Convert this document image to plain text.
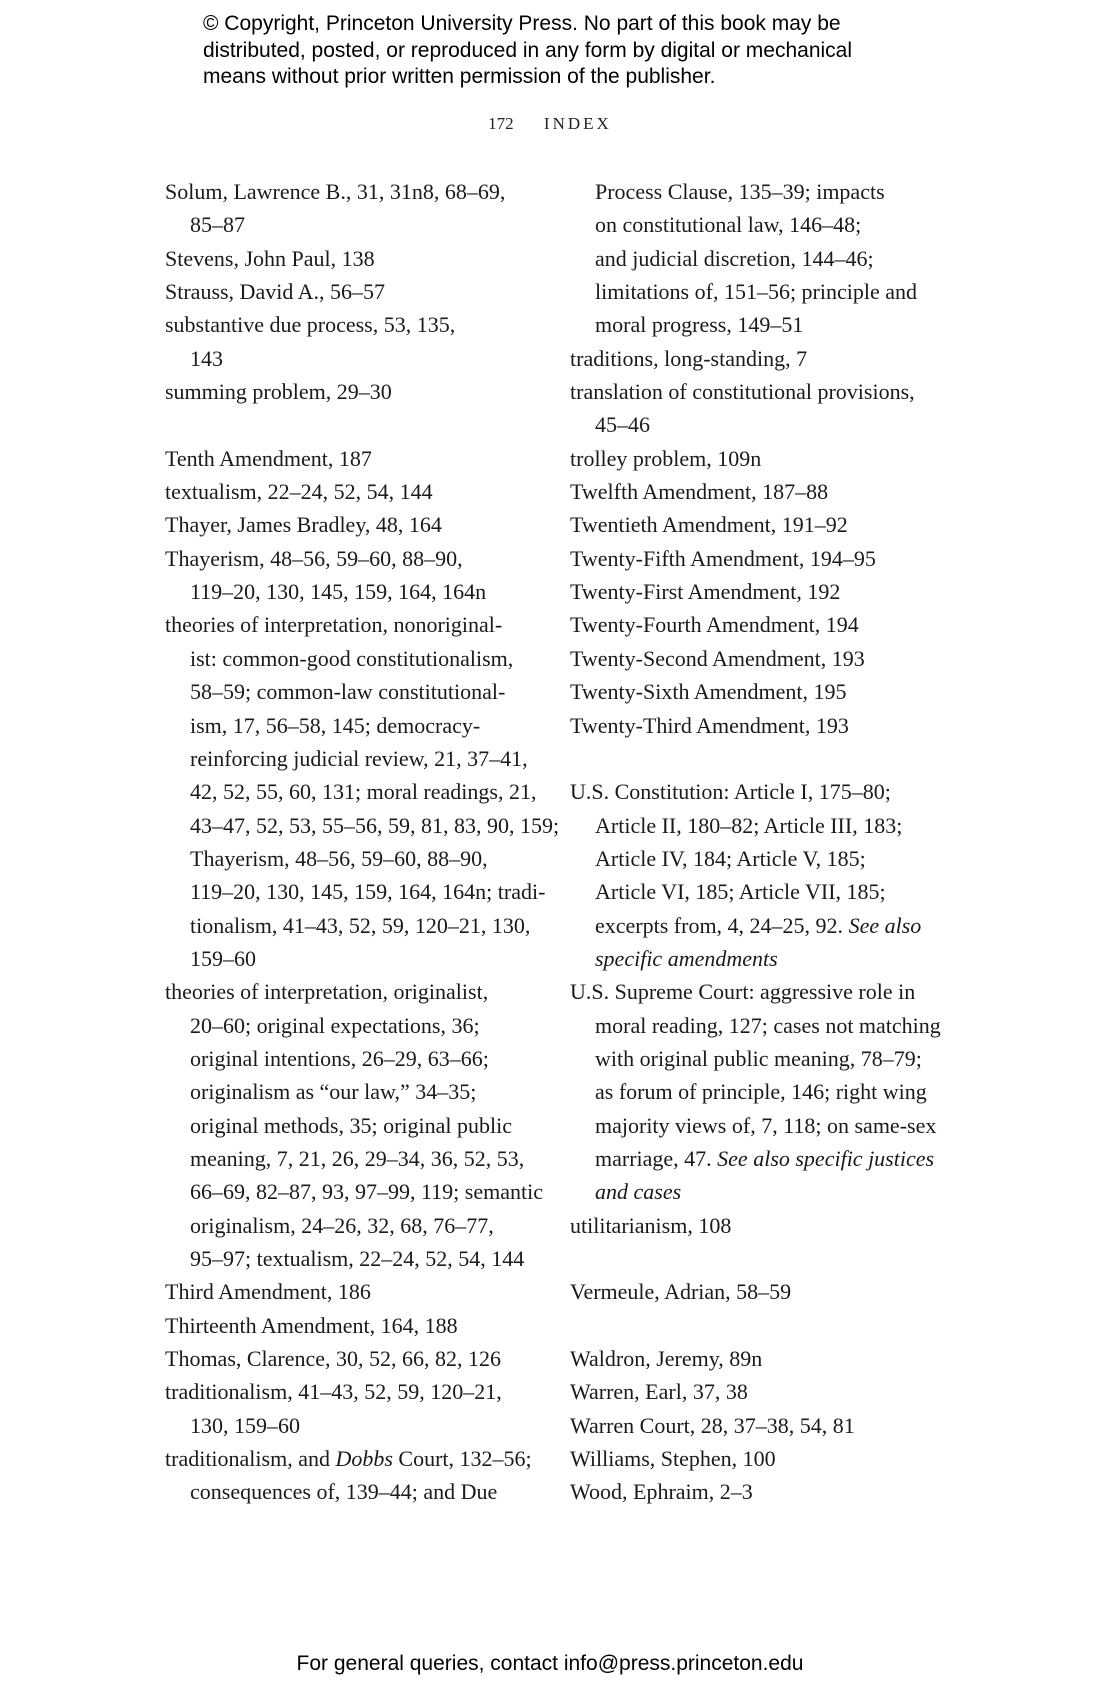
© Copyright, Princeton University Press. No part of this book may be
distributed, posted, or reproduced in any form by digital or mechanical
means without prior written permission of the publisher.
172 INDEX
Solum, Lawrence B., 31, 31n8, 68–69,
85–87
Stevens, John Paul, 138
Strauss, David A., 56–57
substantive due process, 53, 135,
143
summing problem, 29–30
Tenth Amendment, 187
textualism, 22–24, 52, 54, 144
Thayer, James Bradley, 48, 164
Thayerism, 48–56, 59–60, 88–90,
119–20, 130, 145, 159, 164, 164n
theories of interpretation, nonoriginal-
ist: common-good constitutionalism,
58–59; common-law constitutional-
ism, 17, 56–58, 145; democracy-
reinforcing judicial review, 21, 37–41,
42, 52, 55, 60, 131; moral readings, 21,
43–47, 52, 53, 55–56, 59, 81, 83, 90, 159;
Thayerism, 48–56, 59–60, 88–90,
119–20, 130, 145, 159, 164, 164n; tradi-
tionalism, 41–43, 52, 59, 120–21, 130,
159–60
theories of interpretation, originalist,
20–60; original expectations, 36;
original intentions, 26–29, 63–66;
originalism as “our law,” 34–35;
original methods, 35; original public
meaning, 7, 21, 26, 29–34, 36, 52, 53,
66–69, 82–87, 93, 97–99, 119; semantic
originalism, 24–26, 32, 68, 76–77,
95–97; textualism, 22–24, 52, 54, 144
Third Amendment, 186
Thirteenth Amendment, 164, 188
Thomas, Clarence, 30, 52, 66, 82, 126
traditionalism, 41–43, 52, 59, 120–21,
130, 159–60
traditionalism, and Dobbs Court, 132–56;
consequences of, 139–44; and Due
Process Clause, 135–39; impacts
on constitutional law, 146–48;
and judicial discretion, 144–46;
limitations of, 151–56; principle and
moral progress, 149–51
traditions, long-standing, 7
translation of constitutional provisions,
45–46
trolley problem, 109n
Twelfth Amendment, 187–88
Twentieth Amendment, 191–92
Twenty-Fifth Amendment, 194–95
Twenty-First Amendment, 192
Twenty-Fourth Amendment, 194
Twenty-Second Amendment, 193
Twenty-Sixth Amendment, 195
Twenty-Third Amendment, 193
U.S. Constitution: Article I, 175–80;
Article II, 180–82; Article III, 183;
Article IV, 184; Article V, 185;
Article VI, 185; Article VII, 185;
excerpts from, 4, 24–25, 92. See also
specific amendments
U.S. Supreme Court: aggressive role in
moral reading, 127; cases not matching
with original public meaning, 78–79;
as forum of principle, 146; right wing
majority views of, 7, 118; on same-sex
marriage, 47. See also specific justices
and cases
utilitarianism, 108
Vermeule, Adrian, 58–59
Waldron, Jeremy, 89n
Warren, Earl, 37, 38
Warren Court, 28, 37–38, 54, 81
Williams, Stephen, 100
Wood, Ephraim, 2–3
For general queries, contact info@press.princeton.edu
